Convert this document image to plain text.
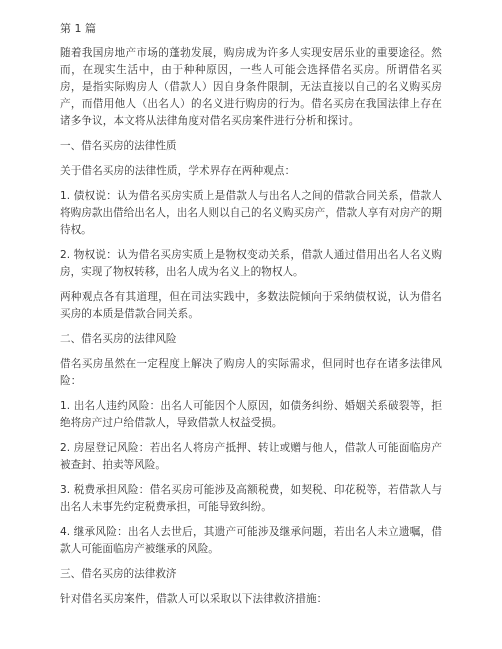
第 1 篇

随着我国房地产市场的蓬勃发展，购房成为许多人实现安居乐业的重要途径。然而，在现实生活中，由于种种原因，一些人可能会选择借名买房。所谓借名买房，是指实际购房人（借款人）因自身条件限制，无法直接以自己的名义购买房产，而借用他人（出名人）的名义进行购房的行为。借名买房在我国法律上存在诸多争议，本文将从法律角度对借名买房案件进行分析和探讨。

一、借名买房的法律性质

关于借名买房的法律性质，学术界存在两种观点：

1. 债权说：认为借名买房实质上是借款人与出名人之间的借款合同关系，借款人将购房款出借给出名人，出名人则以自己的名义购买房产，借款人享有对房产的期待权。

2. 物权说：认为借名买房实质上是物权变动关系，借款人通过借用出名人名义购房，实现了物权转移，出名人成为名义上的物权人。

两种观点各有其道理，但在司法实践中，多数法院倾向于采纳债权说，认为借名买房的本质是借款合同关系。

二、借名买房的法律风险

借名买房虽然在一定程度上解决了购房人的实际需求，但同时也存在诸多法律风险：

1. 出名人违约风险：出名人可能因个人原因，如债务纠纷、婚姻关系破裂等，拒绝将房产过户给借款人，导致借款人权益受损。

2. 房屋登记风险：若出名人将房产抵押、转让或赠与他人，借款人可能面临房产被查封、拍卖等风险。

3. 税费承担风险：借名买房可能涉及高额税费，如契税、印花税等，若借款人与出名人未事先约定税费承担，可能导致纠纷。

4. 继承风险：出名人去世后，其遗产可能涉及继承问题，若出名人未立遗嘱，借款人可能面临房产被继承的风险。

三、借名买房的法律救济

针对借名买房案件，借款人可以采取以下法律救济措施：
